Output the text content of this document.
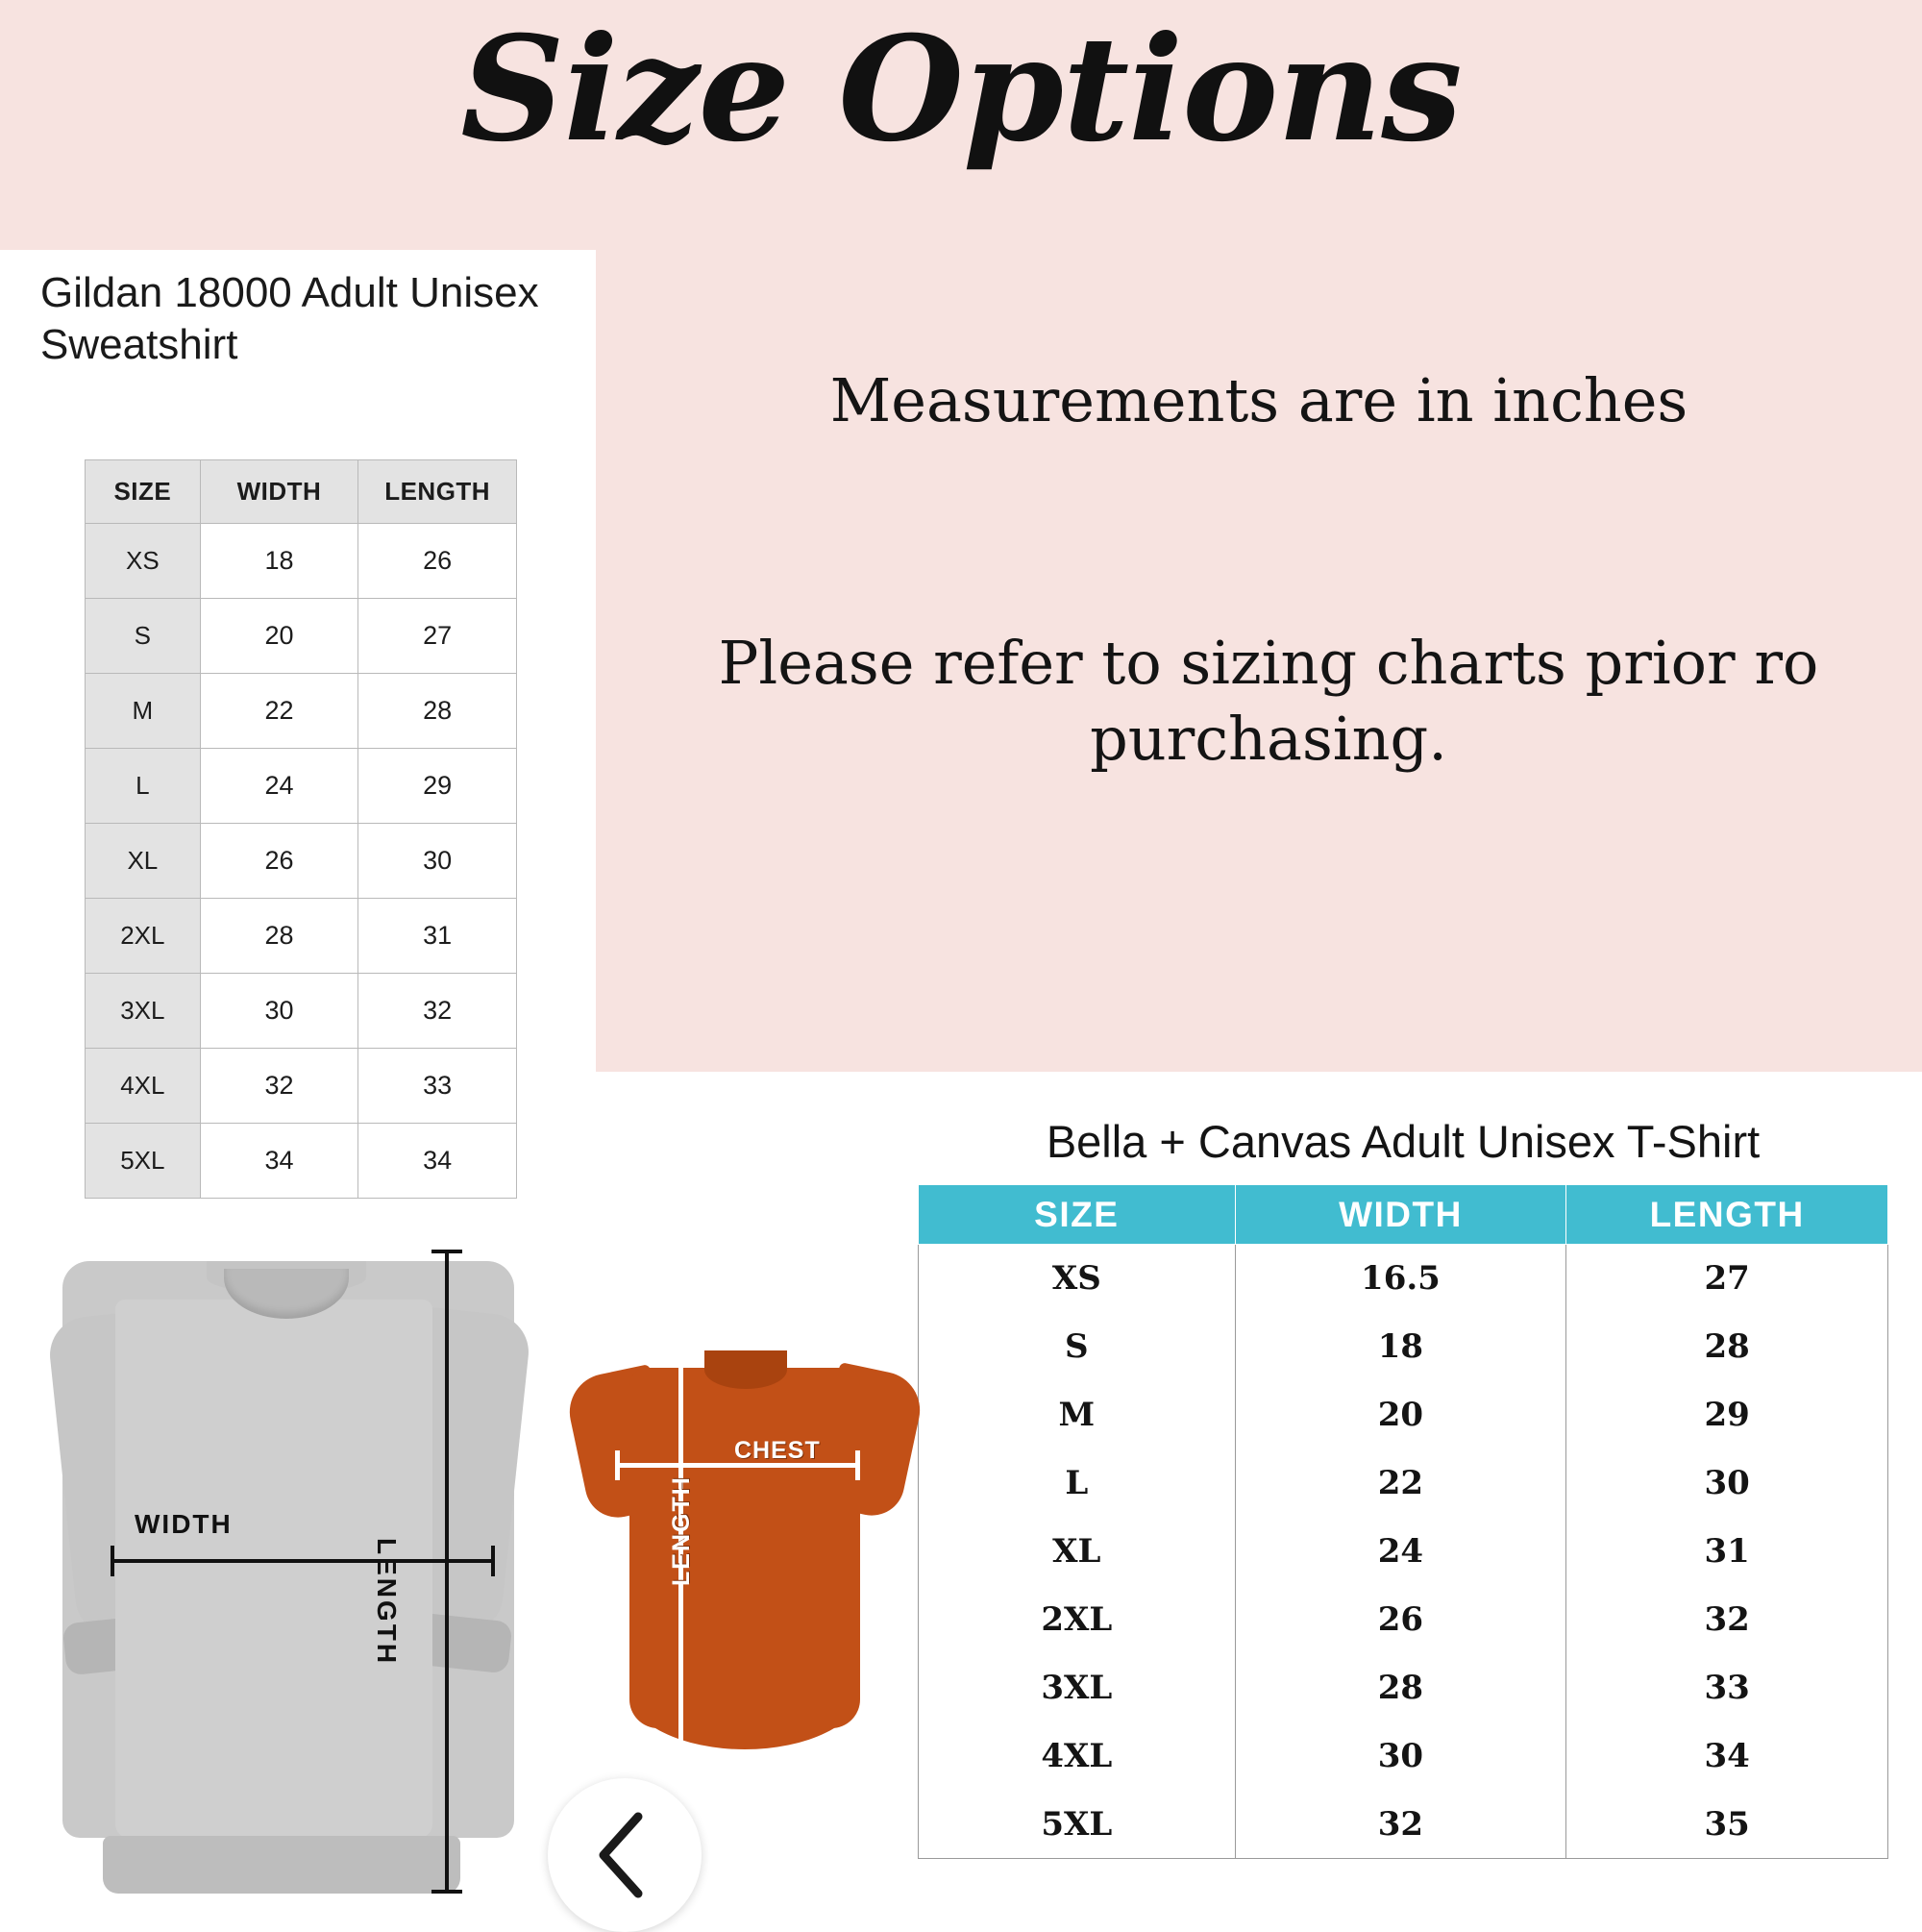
Size Options
Gildan 18000 Adult Unisex Sweatshirt
SIZE	WIDTH	LENGTH
XS	18	26
S	20	27
M	22	28
L	24	29
XL	26	30
2XL	28	31
3XL	30	32
4XL	32	33
5XL	34	34
Measurements are in inches
Please refer to sizing charts prior ro purchasing.
Bella + Canvas Adult Unisex T-Shirt
SIZE	WIDTH	LENGTH
XS	16.5	27
S	18	28
M	20	29
L	22	30
XL	24	31
2XL	26	32
3XL	28	33
4XL	30	34
5XL	32	35
WIDTH
LENGTH
CHEST
LENGTH
